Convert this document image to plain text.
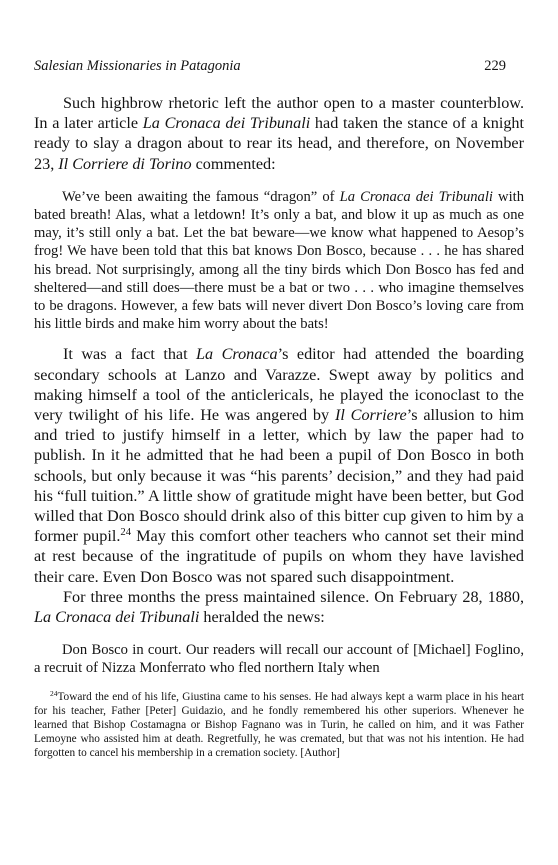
Salesian Missionaries in Patagonia	229

Such highbrow rhetoric left the author open to a master counterblow. In a later article La Cronaca dei Tribunali had taken the stance of a knight ready to slay a dragon about to rear its head, and therefore, on November 23, Il Corriere di Torino commented:

We’ve been awaiting the famous “dragon” of La Cronaca dei Tribunali with bated breath! Alas, what a letdown! It’s only a bat, and blow it up as much as one may, it’s still only a bat. Let the bat beware—we know what happened to Aesop’s frog! We have been told that this bat knows Don Bosco, because . . . he has shared his bread. Not surprisingly, among all the tiny birds which Don Bosco has fed and sheltered—and still does—there must be a bat or two . . . who imagine themselves to be dragons. However, a few bats will never divert Don Bosco’s loving care from his little birds and make him worry about the bats!

It was a fact that La Cronaca’s editor had attended the boarding secondary schools at Lanzo and Varazze. Swept away by politics and making himself a tool of the anticlericals, he played the iconoclast to the very twilight of his life. He was angered by Il Corriere’s allusion to him and tried to justify himself in a letter, which by law the paper had to publish. In it he admitted that he had been a pupil of Don Bosco in both schools, but only because it was “his parents’ decision,” and they had paid his “full tuition.” A little show of gratitude might have been better, but God willed that Don Bosco should drink also of this bitter cup given to him by a former pupil.$^{24}$ May this comfort other teachers who cannot set their mind at rest because of the ingratitude of pupils on whom they have lavished their care. Even Don Bosco was not spared such disappointment.

For three months the press maintained silence. On February 28, 1880, La Cronaca dei Tribunali heralded the news:

Don Bosco in court. Our readers will recall our account of [Michael] Foglino, a recruit of Nizza Monferrato who fled northern Italy when

$^{24}$Toward the end of his life, Giustina came to his senses. He had always kept a warm place in his heart for his teacher, Father [Peter] Guidazio, and he fondly remembered his other superiors. Whenever he learned that Bishop Costamagna or Bishop Fagnano was in Turin, he called on him, and it was Father Lemoyne who assisted him at death. Regretfully, he was cremated, but that was not his intention. He had forgotten to cancel his membership in a cremation society. [Author]
